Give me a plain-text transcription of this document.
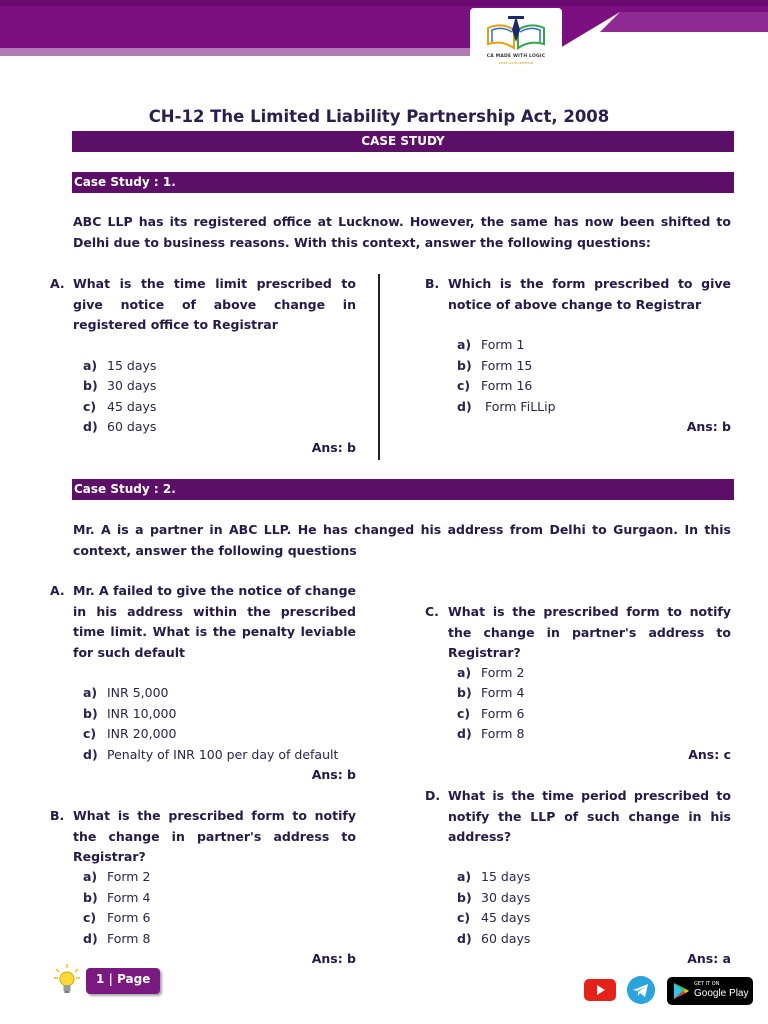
CA MADE WITH LOGIC
MAKE YOUR CREATION
CH-12 The Limited Liability Partnership Act, 2008
CASE STUDY
Case Study : 1.
ABC LLP has its registered office at Lucknow. However, the same has now been shifted to Delhi due to business reasons. With this context, answer the following questions:
A. What is the time limit prescribed to give notice of above change in registered office to Registrar
a) 15 days
b) 30 days
c) 45 days
d) 60 days
Ans: b
B. Which is the form prescribed to give notice of above change to Registrar
a) Form 1
b) Form 15
c) Form 16
d) Form FiLLip
Ans: b
Case Study : 2.
Mr. A is a partner in ABC LLP. He has changed his address from Delhi to Gurgaon. In this context, answer the following questions
A. Mr. A failed to give the notice of change in his address within the prescribed time limit. What is the penalty leviable for such default
a) INR 5,000
b) INR 10,000
c) INR 20,000
d) Penalty of INR 100 per day of default
Ans: b
B. What is the prescribed form to notify the change in partner's address to Registrar?
a) Form 2
b) Form 4
c) Form 6
d) Form 8
Ans: b
C. What is the prescribed form to notify the change in partner's address to Registrar?
a) Form 2
b) Form 4
c) Form 6
d) Form 8
Ans: c
D. What is the time period prescribed to notify the LLP of such change in his address?
a) 15 days
b) 30 days
c) 45 days
d) 60 days
Ans: a
1 | Page	GET IT ON
Google Play
